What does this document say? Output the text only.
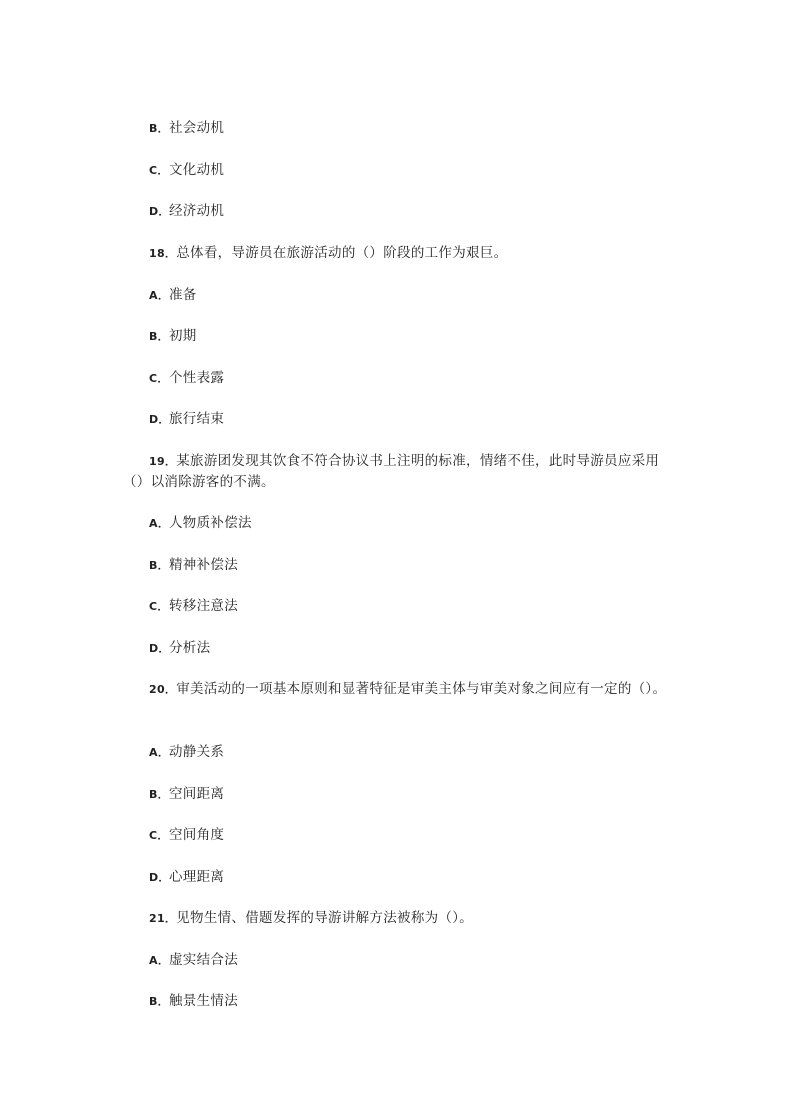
B．社会动机
C．文化动机
D．经济动机
18．总体看，导游员在旅游活动的（）阶段的工作为艰巨。
A．准备
B．初期
C．个性表露
D．旅行结束
19．某旅游团发现其饮食不符合协议书上注明的标准，情绪不佳，此时导游员应采用（）以消除游客的不满。
A．人物质补偿法
B．精神补偿法
C．转移注意法
D．分析法
20．审美活动的一项基本原则和显著特征是审美主体与审美对象之间应有一定的（）。
A．动静关系
B．空间距离
C．空间角度
D．心理距离
21．见物生情、借题发挥的导游讲解方法被称为（）。
A．虚实结合法
B．触景生情法
